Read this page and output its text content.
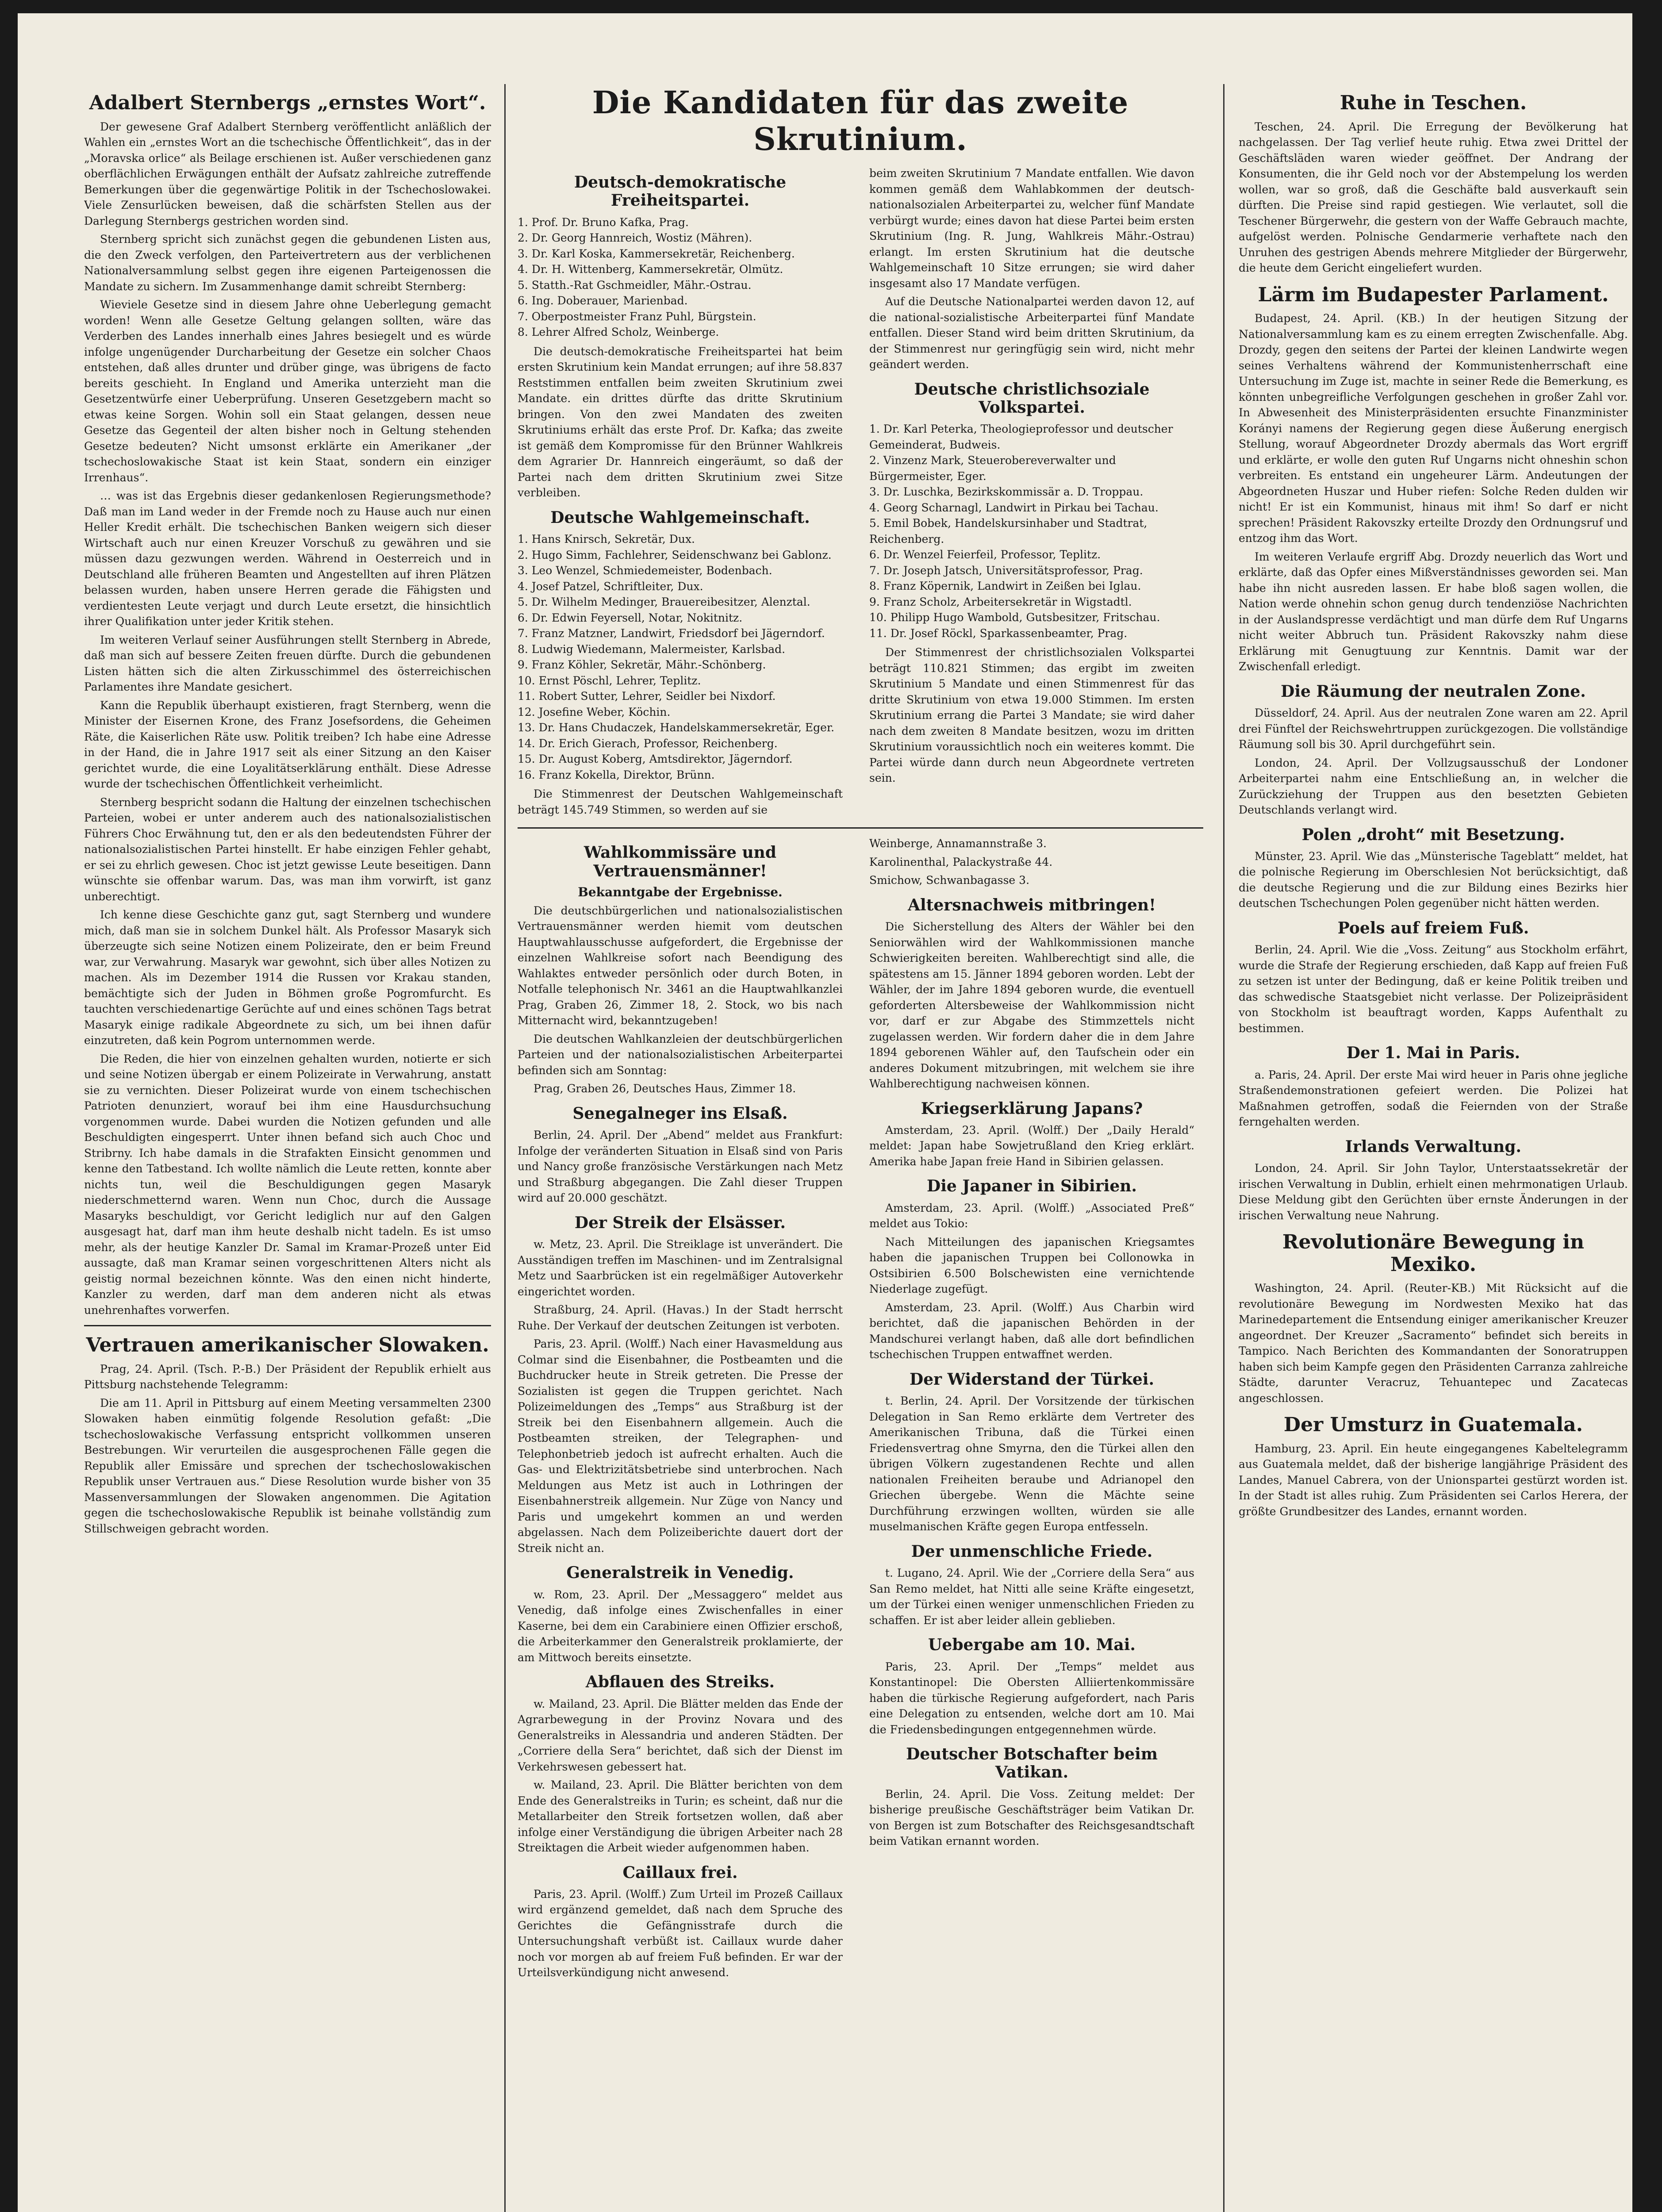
Adalbert Sternbergs „ernstes Wort“.

Der gewesene Graf Adalbert Sternberg veröffentlicht anläßlich der Wahlen ein „ernstes Wort an die tschechische Öffentlichkeit“, das in der „Moravska orlice“ als Beilage erschienen ist. Außer verschiedenen ganz oberflächlichen Erwägungen enthält der Aufsatz zahlreiche zutreffende Bemerkungen über die gegenwärtige Politik in der Tschechoslowakei. Viele Zensurlücken beweisen, daß die schärfsten Stellen aus der Darlegung Sternbergs gestrichen worden sind.

Sternberg spricht sich zunächst gegen die gebundenen Listen aus, die den Zweck verfolgen, den Parteivertretern aus der verblichenen Nationalversammlung selbst gegen ihre eigenen Parteigenossen die Mandate zu sichern. Im Zusammenhange damit schreibt Sternberg:

Wieviele Gesetze sind in diesem Jahre ohne Ueberlegung gemacht worden! Wenn alle Gesetze Geltung gelangen sollten, wäre das Verderben des Landes innerhalb eines Jahres besiegelt und es würde infolge ungenügender Durcharbeitung der Gesetze ein solcher Chaos entstehen, daß alles drunter und drüber ginge, was übrigens de facto bereits geschieht. In England und Amerika unterzieht man die Gesetzentwürfe einer Ueberprüfung. Unseren Gesetzgebern macht so etwas keine Sorgen. Wohin soll ein Staat gelangen, dessen neue Gesetze das Gegenteil der alten bisher noch in Geltung stehenden Gesetze bedeuten? Nicht umsonst erklärte ein Amerikaner „der tschechoslowakische Staat ist kein Staat, sondern ein einziger Irrenhaus“.

… was ist das Ergebnis dieser gedankenlosen Regierungsmethode? Daß man im Land weder in der Fremde noch zu Hause auch nur einen Heller Kredit erhält. Die tschechischen Banken weigern sich dieser Wirtschaft auch nur einen Kreuzer Vorschuß zu gewähren und sie müssen dazu gezwungen werden. Während in Oesterreich und in Deutschland alle früheren Beamten und Angestellten auf ihren Plätzen belassen wurden, haben unsere Herren gerade die Fähigsten und verdientesten Leute verjagt und durch Leute ersetzt, die hinsichtlich ihrer Qualifikation unter jeder Kritik stehen.

Im weiteren Verlauf seiner Ausführungen stellt Sternberg in Abrede, daß man sich auf bessere Zeiten freuen dürfte. Durch die gebundenen Listen hätten sich die alten Zirkusschimmel des österreichischen Parlamentes ihre Mandate gesichert.

Kann die Republik überhaupt existieren, fragt Sternberg, wenn die Minister der Eisernen Krone, des Franz Josefsordens, die Geheimen Räte, die Kaiserlichen Räte usw. Politik treiben? Ich habe eine Adresse in der Hand, die in Jahre 1917 seit als einer Sitzung an den Kaiser gerichtet wurde, die eine Loyalitätserklärung enthält. Diese Adresse wurde der tschechischen Öffentlichkeit verheimlicht.

Sternberg bespricht sodann die Haltung der einzelnen tschechischen Parteien, wobei er unter anderem auch des nationalsozialistischen Führers Choc Erwähnung tut, den er als den bedeutendsten Führer der nationalsozialistischen Partei hinstellt. Er habe einzigen Fehler gehabt, er sei zu ehrlich gewesen. Choc ist jetzt gewisse Leute beseitigen. Dann wünschte sie offenbar warum. Das, was man ihm vorwirft, ist ganz unberechtigt.

Ich kenne diese Geschichte ganz gut, sagt Sternberg und wundere mich, daß man sie in solchem Dunkel hält. Als Professor Masaryk sich überzeugte sich seine Notizen einem Polizeirate, den er beim Freund war, zur Verwahrung. Masaryk war gewohnt, sich über alles Notizen zu machen. Als im Dezember 1914 die Russen vor Krakau standen, bemächtigte sich der Juden in Böhmen große Pogromfurcht. Es tauchten verschiedenartige Gerüchte auf und eines schönen Tags betrat Masaryk einige radikale Abgeordnete zu sich, um bei ihnen dafür einzutreten, daß kein Pogrom unternommen werde.

Die Reden, die hier von einzelnen gehalten wurden, notierte er sich und seine Notizen übergab er einem Polizeirate in Verwahrung, anstatt sie zu vernichten. Dieser Polizeirat wurde von einem tschechischen Patrioten denunziert, worauf bei ihm eine Hausdurchsuchung vorgenommen wurde. Dabei wurden die Notizen gefunden und alle Beschuldigten eingesperrt. Unter ihnen befand sich auch Choc und Stribrny. Ich habe damals in die Strafakten Einsicht genommen und kenne den Tatbestand. Ich wollte nämlich die Leute retten, konnte aber nichts tun, weil die Beschuldigungen gegen Masaryk niederschmetternd waren. Wenn nun Choc, durch die Aussage Masaryks beschuldigt, vor Gericht lediglich nur auf den Galgen ausgesagt hat, darf man ihm heute deshalb nicht tadeln. Es ist umso mehr, als der heutige Kanzler Dr. Samal im Kramar-Prozeß unter Eid aussagte, daß man Kramar seinen vorgeschrittenen Alters nicht als geistig normal bezeichnen könnte. Was den einen nicht hinderte, Kanzler zu werden, darf man dem anderen nicht als etwas unehrenhaftes vorwerfen.

Vertrauen amerikanischer Slowaken.

Prag, 24. April. (Tsch. P.-B.) Der Präsident der Republik erhielt aus Pittsburg nachstehende Telegramm:

Die am 11. April in Pittsburg auf einem Meeting versammelten 2300 Slowaken haben einmütig folgende Resolution gefaßt: „Die tschechoslowakische Verfassung entspricht vollkommen unseren Bestrebungen. Wir verurteilen die ausgesprochenen Fälle gegen die Republik aller Emissäre und sprechen der tschechoslowakischen Republik unser Vertrauen aus.“ Diese Resolution wurde bisher von 35 Massenversammlungen der Slowaken angenommen. Die Agitation gegen die tschechoslowakische Republik ist beinahe vollständig zum Stillschweigen gebracht worden.

Die Kandidaten für das zweite Skrutinium.
Deutsch-demokratische Freiheitspartei.
1. Prof. Dr. Bruno Kafka, Prag.
2. Dr. Georg Hannreich, Wostiz (Mähren).
3. Dr. Karl Koska, Kammersekretär, Reichenberg.
4. Dr. H. Wittenberg, Kammersekretär, Olmütz.
5. Statth.-Rat Gschmeidler, Mähr.-Ostrau.
6. Ing. Doberauer, Marienbad.
7. Oberpostmeister Franz Puhl, Bürgstein.
8. Lehrer Alfred Scholz, Weinberge.

Die deutsch-demokratische Freiheitspartei hat beim ersten Skrutinium kein Mandat errungen; auf ihre 58.837 Reststimmen entfallen beim zweiten Skrutinium zwei Mandate. ein drittes dürfte das dritte Skrutinium bringen. Von den zwei Mandaten des zweiten Skrutiniums erhält das erste Prof. Dr. Kafka; das zweite ist gemäß dem Kompromisse für den Brünner Wahlkreis dem Agrarier Dr. Hannreich eingeräumt, so daß der Partei nach dem dritten Skrutinium zwei Sitze verbleiben.

Deutsche Wahlgemeinschaft.
1. Hans Knirsch, Sekretär, Dux.
2. Hugo Simm, Fachlehrer, Seidenschwanz bei Gablonz.
3. Leo Wenzel, Schmiedemeister, Bodenbach.
4. Josef Patzel, Schriftleiter, Dux.
5. Dr. Wilhelm Medinger, Brauereibesitzer, Alenztal.
6. Dr. Edwin Feyersell, Notar, Nokitnitz.
7. Franz Matzner, Landwirt, Friedsdorf bei Jägerndorf.
8. Ludwig Wiedemann, Malermeister, Karlsbad.
9. Franz Köhler, Sekretär, Mähr.-Schönberg.
10. Ernst Pöschl, Lehrer, Teplitz.
11. Robert Sutter, Lehrer, Seidler bei Nixdorf.
12. Josefine Weber, Köchin.
13. Dr. Hans Chudaczek, Handelskammersekretär, Eger.
14. Dr. Erich Gierach, Professor, Reichenberg.
15. Dr. August Koberg, Amtsdirektor, Jägerndorf.
16. Franz Kokella, Direktor, Brünn.

Die Stimmenrest der Deutschen Wahlgemeinschaft beträgt 145.749 Stimmen, so werden auf sie

beim zweiten Skrutinium 7 Mandate entfallen. Wie davon kommen gemäß dem Wahlabkommen der deutsch-nationalsozialen Arbeiterpartei zu, welcher fünf Mandate verbürgt wurde; eines davon hat diese Partei beim ersten Skrutinium (Ing. R. Jung, Wahlkreis Mähr.-Ostrau) erlangt. Im ersten Skrutinium hat die deutsche Wahlgemeinschaft 10 Sitze errungen; sie wird daher insgesamt also 17 Mandate verfügen.

Auf die Deutsche Nationalpartei werden davon 12, auf die national-sozialistische Arbeiterpartei fünf Mandate entfallen. Dieser Stand wird beim dritten Skrutinium, da der Stimmenrest nur geringfügig sein wird, nicht mehr geändert werden.

Deutsche christlichsoziale Volkspartei.
1. Dr. Karl Peterka, Theologieprofessor und deutscher Gemeinderat, Budweis.
2. Vinzenz Mark, Steuerobereverwalter und Bürgermeister, Eger.
3. Dr. Luschka, Bezirkskommissär a. D. Troppau.
4. Georg Scharnagl, Landwirt in Pirkau bei Tachau.
5. Emil Bobek, Handelskursinhaber und Stadtrat, Reichenberg.
6. Dr. Wenzel Feierfeil, Professor, Teplitz.
7. Dr. Joseph Jatsch, Universitätsprofessor, Prag.
8. Franz Köpernik, Landwirt in Zeißen bei Iglau.
9. Franz Scholz, Arbeitersekretär in Wigstadtl.
10. Philipp Hugo Wambold, Gutsbesitzer, Fritschau.
11. Dr. Josef Röckl, Sparkassenbeamter, Prag.

Der Stimmenrest der christlichsozialen Volkspartei beträgt 110.821 Stimmen; das ergibt im zweiten Skrutinium 5 Mandate und einen Stimmenrest für das dritte Skrutinium von etwa 19.000 Stimmen. Im ersten Skrutinium errang die Partei 3 Mandate; sie wird daher nach dem zweiten 8 Mandate besitzen, wozu im dritten Skrutinium voraussichtlich noch ein weiteres kommt. Die Partei würde dann durch neun Abgeordnete vertreten sein.

Wahlkommissäre und Vertrauensmänner!
Bekanntgabe der Ergebnisse.

Die deutschbürgerlichen und nationalsozialistischen Vertrauensmänner werden hiemit vom deutschen Hauptwahlausschusse aufgefordert, die Ergebnisse der einzelnen Wahlkreise sofort nach Beendigung des Wahlaktes entweder persönlich oder durch Boten, in Notfalle telephonisch Nr. 3461 an die Hauptwahlkanzlei Prag, Graben 26, Zimmer 18, 2. Stock, wo bis nach Mitternacht wird, bekanntzugeben!

Die deutschen Wahlkanzleien der deutschbürgerlichen Parteien und der nationalsozialistischen Arbeiterpartei befinden sich am Sonntag:

Prag, Graben 26, Deutsches Haus, Zimmer 18.

Senegalneger ins Elsaß.

Berlin, 24. April. Der „Abend“ meldet aus Frankfurt: Infolge der veränderten Situation in Elsaß sind von Paris und Nancy große französische Verstärkungen nach Metz und Straßburg abgegangen. Die Zahl dieser Truppen wird auf 20.000 geschätzt.

Der Streik der Elsässer.

w. Metz, 23. April. Die Streiklage ist unverändert. Die Ausständigen treffen im Maschinen- und im Zentralsignal Metz und Saarbrücken ist ein regelmäßiger Autoverkehr eingerichtet worden.

Straßburg, 24. April. (Havas.) In der Stadt herrscht Ruhe. Der Verkauf der deutschen Zeitungen ist verboten.

Paris, 23. April. (Wolff.) Nach einer Havasmeldung aus Colmar sind die Eisenbahner, die Postbeamten und die Buchdrucker heute in Streik getreten. Die Presse der Sozialisten ist gegen die Truppen gerichtet. Nach Polizeimeldungen des „Temps“ aus Straßburg ist der Streik bei den Eisenbahnern allgemein. Auch die Postbeamten streiken, der Telegraphen- und Telephonbetrieb jedoch ist aufrecht erhalten. Auch die Gas- und Elektrizitätsbetriebe sind unterbrochen. Nach Meldungen aus Metz ist auch in Lothringen der Eisenbahnerstreik allgemein. Nur Züge von Nancy und Paris und umgekehrt kommen an und werden abgelassen. Nach dem Polizeiberichte dauert dort der Streik nicht an.

Generalstreik in Venedig.

w. Rom, 23. April. Der „Messaggero“ meldet aus Venedig, daß infolge eines Zwischenfalles in einer Kaserne, bei dem ein Carabiniere einen Offizier erschoß, die Arbeiterkammer den Generalstreik proklamierte, der am Mittwoch bereits einsetzte.

Abflauen des Streiks.

w. Mailand, 23. April. Die Blätter melden das Ende der Agrarbewegung in der Provinz Novara und des Generalstreiks in Alessandria und anderen Städten. Der „Corriere della Sera“ berichtet, daß sich der Dienst im Verkehrswesen gebessert hat.

w. Mailand, 23. April. Die Blätter berichten von dem Ende des Generalstreiks in Turin; es scheint, daß nur die Metallarbeiter den Streik fortsetzen wollen, daß aber infolge einer Verständigung die übrigen Arbeiter nach 28 Streiktagen die Arbeit wieder aufgenommen haben.

Caillaux frei.

Paris, 23. April. (Wolff.) Zum Urteil im Prozeß Caillaux wird ergänzend gemeldet, daß nach dem Spruche des Gerichtes die Gefängnisstrafe durch die Untersuchungshaft verbüßt ist. Caillaux wurde daher noch vor morgen ab auf freiem Fuß befinden. Er war der Urteilsverkündigung nicht anwesend.

Weinberge, Annamannstraße 3.

Karolinenthal, Palackystraße 44.

Smichow, Schwanbagasse 3.

Altersnachweis mitbringen!

Die Sicherstellung des Alters der Wähler bei den Seniorwählen wird der Wahlkommissionen manche Schwierigkeiten bereiten. Wahlberechtigt sind alle, die spätestens am 15. Jänner 1894 geboren worden. Lebt der Wähler, der im Jahre 1894 geboren wurde, die eventuell geforderten Altersbeweise der Wahlkommission nicht vor, darf er zur Abgabe des Stimmzettels nicht zugelassen werden. Wir fordern daher die in dem Jahre 1894 geborenen Wähler auf, den Taufschein oder ein anderes Dokument mitzubringen, mit welchem sie ihre Wahlberechtigung nachweisen können.

Kriegserklärung Japans?

Amsterdam, 23. April. (Wolff.) Der „Daily Herald“ meldet: Japan habe Sowjetrußland den Krieg erklärt. Amerika habe Japan freie Hand in Sibirien gelassen.

Die Japaner in Sibirien.

Amsterdam, 23. April. (Wolff.) „Associated Preß“ meldet aus Tokio:

Nach Mitteilungen des japanischen Kriegsamtes haben die japanischen Truppen bei Collonowka in Ostsibirien 6.500 Bolschewisten eine vernichtende Niederlage zugefügt.

Amsterdam, 23. April. (Wolff.) Aus Charbin wird berichtet, daß die japanischen Behörden in der Mandschurei verlangt haben, daß alle dort befindlichen tschechischen Truppen entwaffnet werden.

Der Widerstand der Türkei.

t. Berlin, 24. April. Der Vorsitzende der türkischen Delegation in San Remo erklärte dem Vertreter des Amerikanischen Tribuna, daß die Türkei einen Friedensvertrag ohne Smyrna, den die Türkei allen den übrigen Völkern zugestandenen Rechte und allen nationalen Freiheiten beraube und Adrianopel den Griechen übergebe. Wenn die Mächte seine Durchführung erzwingen wollten, würden sie alle muselmanischen Kräfte gegen Europa entfesseln.

Der unmenschliche Friede.

t. Lugano, 24. April. Wie der „Corriere della Sera“ aus San Remo meldet, hat Nitti alle seine Kräfte eingesetzt, um der Türkei einen weniger unmenschlichen Frieden zu schaffen. Er ist aber leider allein geblieben.

Uebergabe am 10. Mai.

Paris, 23. April. Der „Temps“ meldet aus Konstantinopel: Die Obersten Alliiertenkommissäre haben die türkische Regierung aufgefordert, nach Paris eine Delegation zu entsenden, welche dort am 10. Mai die Friedensbedingungen entgegennehmen würde.

Deutscher Botschafter beim Vatikan.

Berlin, 24. April. Die Voss. Zeitung meldet: Der bisherige preußische Geschäftsträger beim Vatikan Dr. von Bergen ist zum Botschafter des Reichsgesandtschaft beim Vatikan ernannt worden.

Ruhe in Teschen.

Teschen, 24. April. Die Erregung der Bevölkerung hat nachgelassen. Der Tag verlief heute ruhig. Etwa zwei Drittel der Geschäftsläden waren wieder geöffnet. Der Andrang der Konsumenten, die ihr Geld noch vor der Abstempelung los werden wollen, war so groß, daß die Geschäfte bald ausverkauft sein dürften. Die Preise sind rapid gestiegen. Wie verlautet, soll die Teschener Bürgerwehr, die gestern von der Waffe Gebrauch machte, aufgelöst werden. Polnische Gendarmerie verhaftete nach den Unruhen des gestrigen Abends mehrere Mitglieder der Bürgerwehr, die heute dem Gericht eingeliefert wurden.

Lärm im Budapester Parlament.

Budapest, 24. April. (KB.) In der heutigen Sitzung der Nationalversammlung kam es zu einem erregten Zwischenfalle. Abg. Drozdy, gegen den seitens der Partei der kleinen Landwirte wegen seines Verhaltens während der Kommunistenherrschaft eine Untersuchung im Zuge ist, machte in seiner Rede die Bemerkung, es könnten unbegreifliche Verfolgungen geschehen in großer Zahl vor. In Abwesenheit des Ministerpräsidenten ersuchte Finanzminister Korányi namens der Regierung gegen diese Äußerung energisch Stellung, worauf Abgeordneter Drozdy abermals das Wort ergriff und erklärte, er wolle den guten Ruf Ungarns nicht ohneshin schon verbreiten. Es entstand ein ungeheurer Lärm. Andeutungen der Abgeordneten Huszar und Huber riefen: Solche Reden dulden wir nicht! Er ist ein Kommunist, hinaus mit ihm! So darf er nicht sprechen! Präsident Rakovszky erteilte Drozdy den Ordnungsruf und entzog ihm das Wort.

Im weiteren Verlaufe ergriff Abg. Drozdy neuerlich das Wort und erklärte, daß das Opfer eines Mißverständnisses geworden sei. Man habe ihn nicht ausreden lassen. Er habe bloß sagen wollen, die Nation werde ohnehin schon genug durch tendenziöse Nachrichten in der Auslandspresse verdächtigt und man dürfe dem Ruf Ungarns nicht weiter Abbruch tun. Präsident Rakovszky nahm diese Erklärung mit Genugtuung zur Kenntnis. Damit war der Zwischenfall erledigt.

Die Räumung der neutralen Zone.

Düsseldorf, 24. April. Aus der neutralen Zone waren am 22. April drei Fünftel der Reichswehrtruppen zurückgezogen. Die vollständige Räumung soll bis 30. April durchgeführt sein.

London, 24. April. Der Vollzugsausschuß der Londoner Arbeiterpartei nahm eine Entschließung an, in welcher die Zurückziehung der Truppen aus den besetzten Gebieten Deutschlands verlangt wird.

Polen „droht“ mit Besetzung.

Münster, 23. April. Wie das „Münsterische Tageblatt“ meldet, hat die polnische Regierung im Oberschlesien Not berücksichtigt, daß die deutsche Regierung und die zur Bildung eines Bezirks hier deutschen Tschechungen Polen gegenüber nicht hätten werden.

Poels auf freiem Fuß.

Berlin, 24. April. Wie die „Voss. Zeitung“ aus Stockholm erfährt, wurde die Strafe der Regierung erschieden, daß Kapp auf freien Fuß zu setzen ist unter der Bedingung, daß er keine Politik treiben und das schwedische Staatsgebiet nicht verlasse. Der Polizeipräsident von Stockholm ist beauftragt worden, Kapps Aufenthalt zu bestimmen.

Der 1. Mai in Paris.

a. Paris, 24. April. Der erste Mai wird heuer in Paris ohne jegliche Straßendemonstrationen gefeiert werden. Die Polizei hat Maßnahmen getroffen, sodaß die Feiernden von der Straße ferngehalten werden.

Irlands Verwaltung.

London, 24. April. Sir John Taylor, Unterstaatssekretär der irischen Verwaltung in Dublin, erhielt einen mehrmonatigen Urlaub. Diese Meldung gibt den Gerüchten über ernste Änderungen in der irischen Verwaltung neue Nahrung.

Revolutionäre Bewegung in Mexiko.

Washington, 24. April. (Reuter-KB.) Mit Rücksicht auf die revolutionäre Bewegung im Nordwesten Mexiko hat das Marinedepartement die Entsendung einiger amerikanischer Kreuzer angeordnet. Der Kreuzer „Sacramento“ befindet sich bereits in Tampico. Nach Berichten des Kommandanten der Sonoratruppen haben sich beim Kampfe gegen den Präsidenten Carranza zahlreiche Städte, darunter Veracruz, Tehuantepec und Zacatecas angeschlossen.

Der Umsturz in Guatemala.

Hamburg, 23. April. Ein heute eingegangenes Kabeltelegramm aus Guatemala meldet, daß der bisherige langjährige Präsident des Landes, Manuel Cabrera, von der Unionspartei gestürzt worden ist. In der Stadt ist alles ruhig. Zum Präsidenten sei Carlos Herera, der größte Grundbesitzer des Landes, ernannt worden.
